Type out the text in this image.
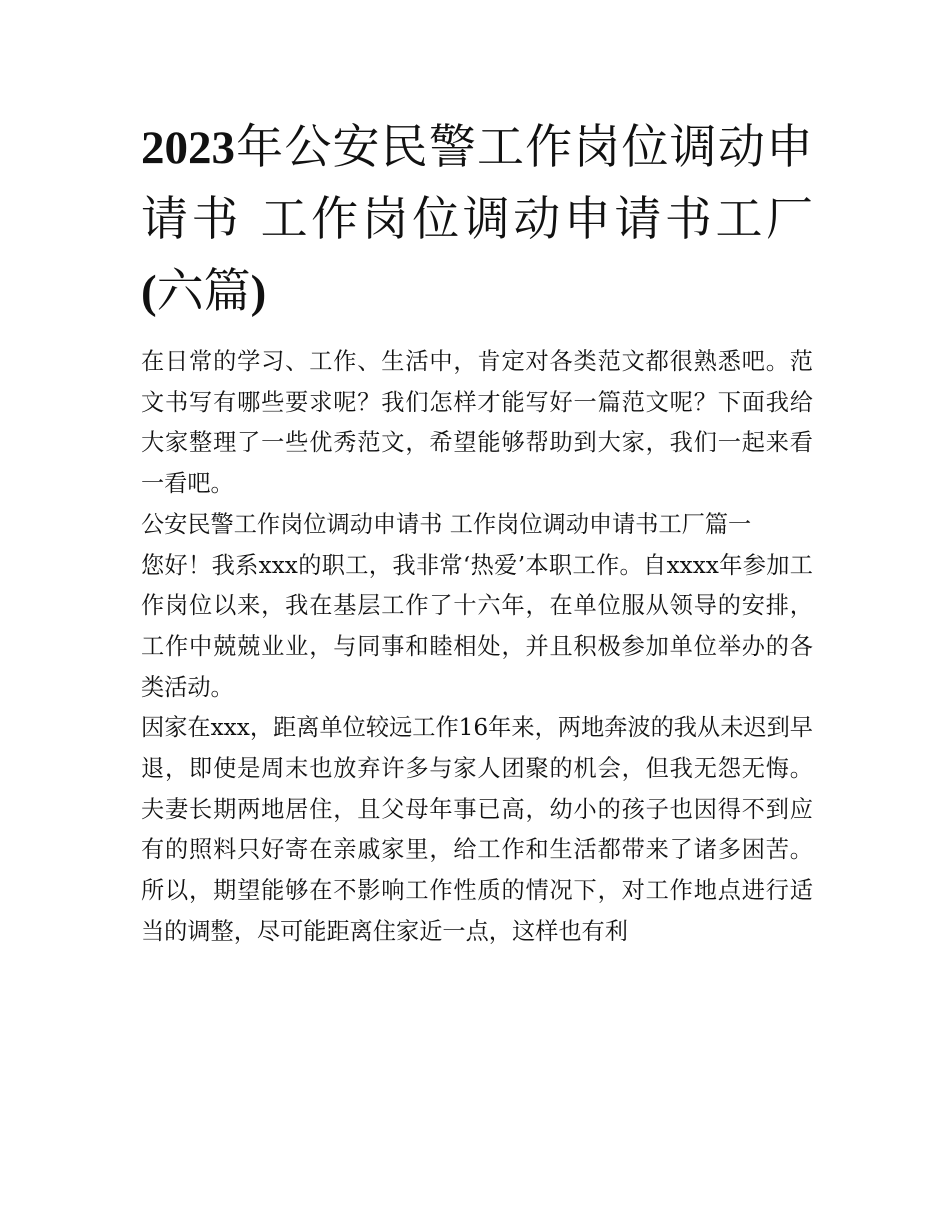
2023年公安民警工作岗位调动申请书 工作岗位调动申请书工厂(六篇)

在日常的学习、工作、生活中，肯定对各类范文都很熟悉吧。范文书写有哪些要求呢？我们怎样才能写好一篇范文呢？下面我给大家整理了一些优秀范文，希望能够帮助到大家，我们一起来看一看吧。

公安民警工作岗位调动申请书 工作岗位调动申请书工厂篇一

您好！我系xxx的职工，我非常‘热爱’本职工作。自xxxx年参加工作岗位以来，我在基层工作了十六年，在单位服从领导的安排，工作中兢兢业业，与同事和睦相处，并且积极参加单位举办的各类活动。

因家在xxx，距离单位较远工作16年来，两地奔波的我从未迟到早退，即使是周末也放弃许多与家人团聚的机会，但我无怨无悔。夫妻长期两地居住，且父母年事已高，幼小的孩子也因得不到应有的照料只好寄在亲戚家里，给工作和生活都带来了诸多困苦。所以，期望能够在不影响工作性质的情况下，对工作地点进行适当的调整，尽可能距离住家近一点，这样也有利
